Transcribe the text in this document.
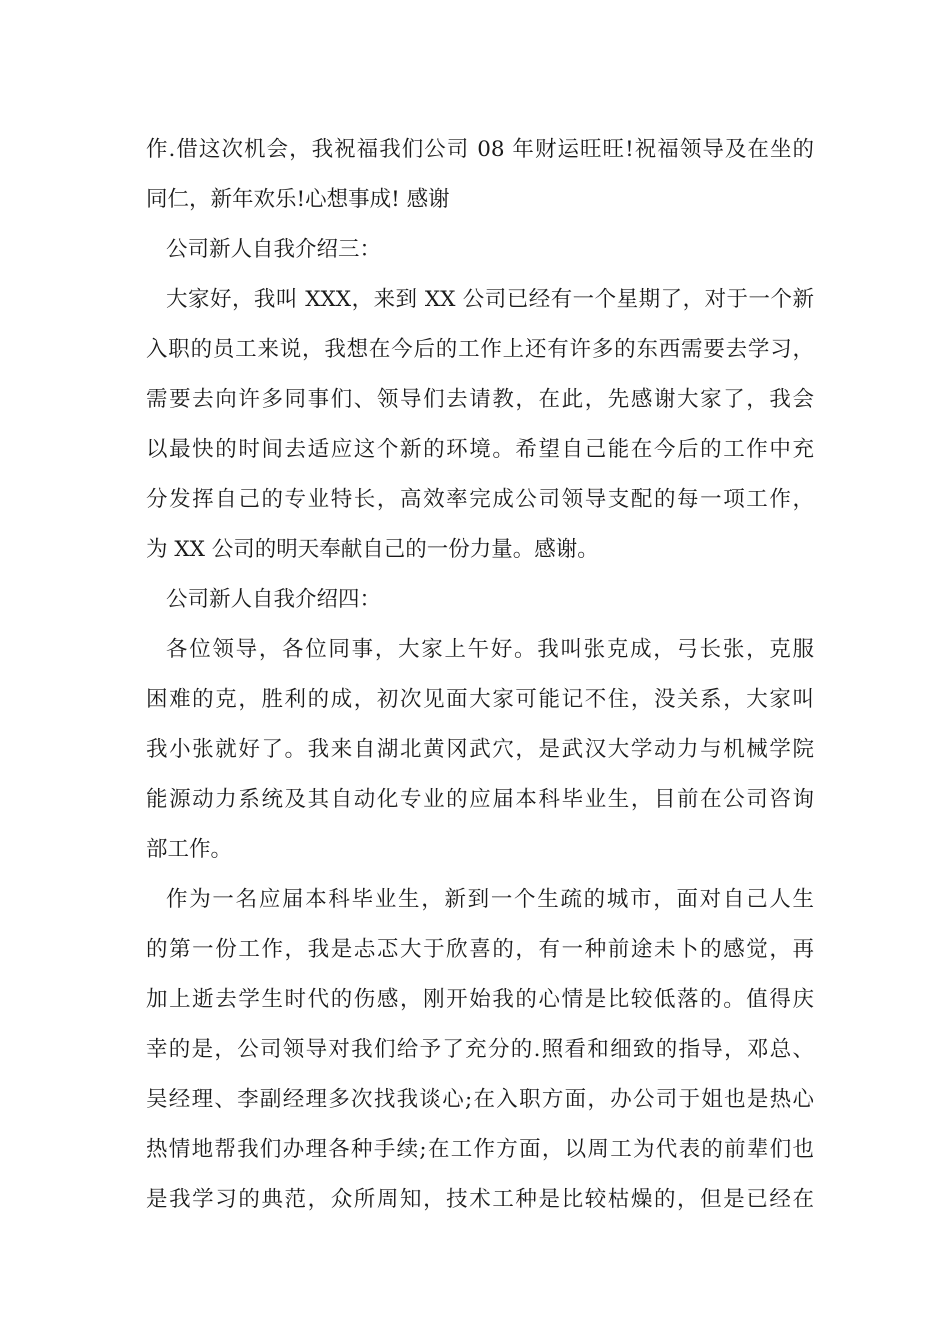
作.借这次机会，我祝福我们公司 08 年财运旺旺!祝福领导及在坐的
同仁，新年欢乐!心想事成! 感谢
公司新人自我介绍三：
大家好，我叫 XXX，来到 XX 公司已经有一个星期了，对于一个新
入职的员工来说，我想在今后的工作上还有许多的东西需要去学习，
需要去向许多同事们、领导们去请教，在此，先感谢大家了，我会
以最快的时间去适应这个新的环境。希望自己能在今后的工作中充
分发挥自己的专业特长，高效率完成公司领导支配的每一项工作，
为 XX 公司的明天奉献自己的一份力量。感谢。
公司新人自我介绍四：
各位领导，各位同事，大家上午好。我叫张克成，弓长张，克服
困难的克，胜利的成，初次见面大家可能记不住，没关系，大家叫
我小张就好了。我来自湖北黄冈武穴，是武汉大学动力与机械学院
能源动力系统及其自动化专业的应届本科毕业生，目前在公司咨询
部工作。
作为一名应届本科毕业生，新到一个生疏的城市，面对自己人生
的第一份工作，我是忐忑大于欣喜的，有一种前途未卜的感觉，再
加上逝去学生时代的伤感，刚开始我的心情是比较低落的。值得庆
幸的是，公司领导对我们给予了充分的.照看和细致的指导，邓总、
吴经理、李副经理多次找我谈心;在入职方面，办公司于姐也是热心
热情地帮我们办理各种手续;在工作方面，以周工为代表的前辈们也
是我学习的典范，众所周知，技术工种是比较枯燥的，但是已经在
